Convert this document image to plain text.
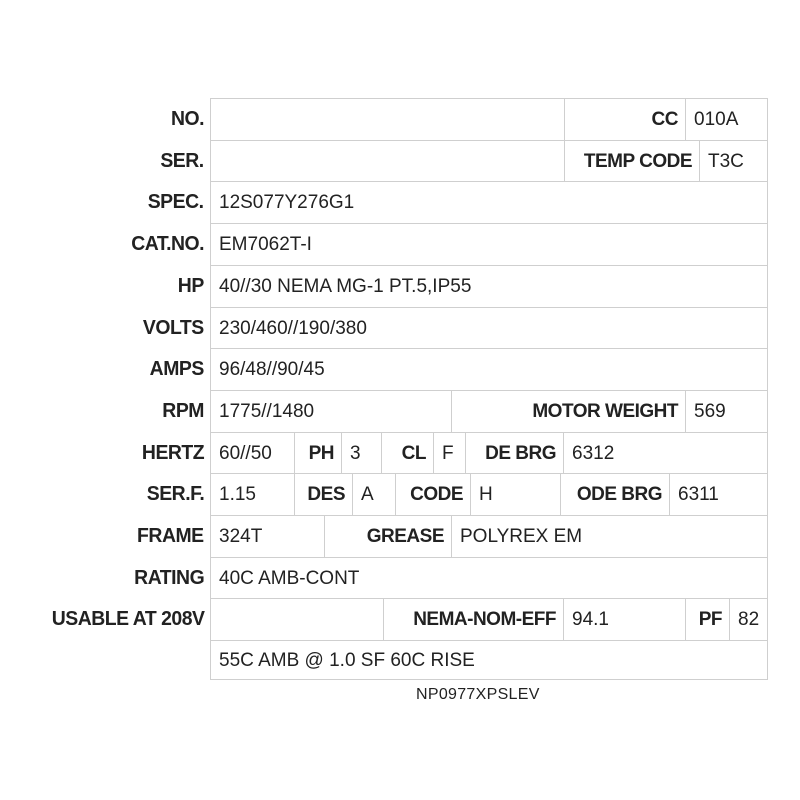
NO.	CC 010A
SER.	TEMP CODE T3C
SPEC. 12S077Y276G1
CAT.NO. EM7062T-I
HP 40//30 NEMA MG-1 PT.5,IP55
VOLTS 230/460//190/380
AMPS 96/48//90/45
RPM 1775//1480	MOTOR WEIGHT 569
HERTZ 60//50	PH 3	CL F	DE BRG 6312
SER.F. 1.15	DES A	CODE H	ODE BRG 6311
FRAME 324T	GREASE POLYREX EM
RATING 40C AMB-CONT
USABLE AT 208V	NEMA-NOM-EFF 94.1	PF 82
55C AMB @ 1.0 SF 60C RISE
NP0977XPSLEV
